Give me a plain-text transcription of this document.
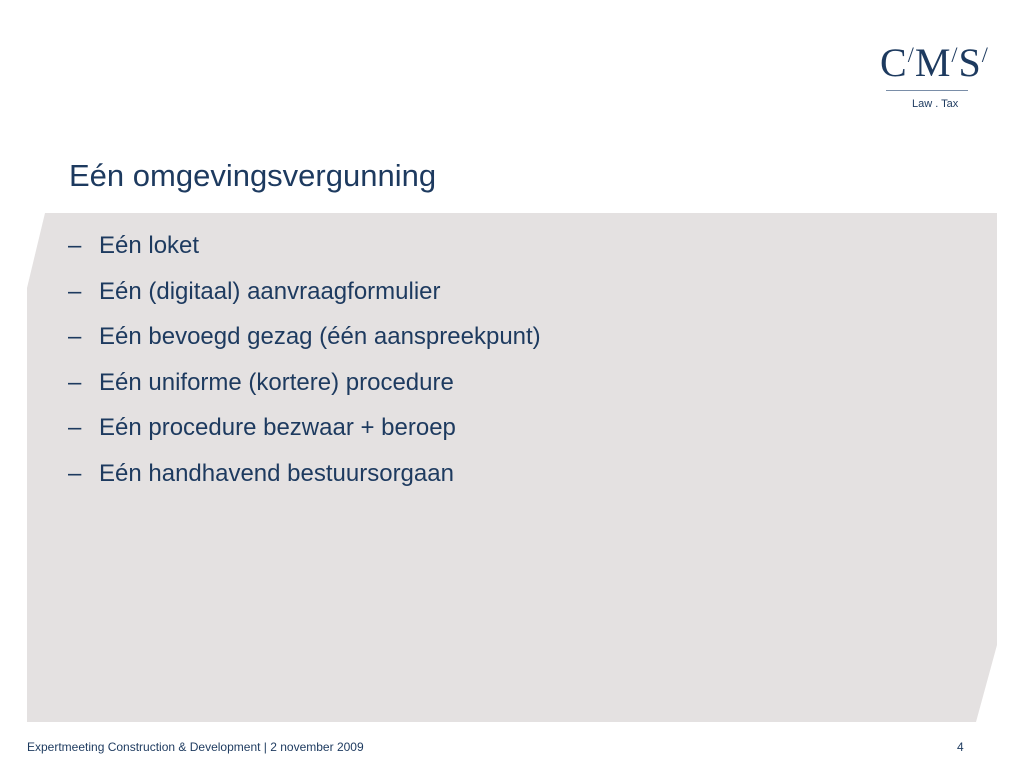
C/M/S/
Law . Tax
Eén omgevingsvergunning
– Eén loket
– Eén (digitaal) aanvraagformulier
– Eén bevoegd gezag (één aanspreekpunt)
– Eén uniforme (kortere) procedure
– Eén procedure bezwaar + beroep
– Eén handhavend bestuursorgaan
Expertmeeting Construction & Development | 2 november 2009	4
